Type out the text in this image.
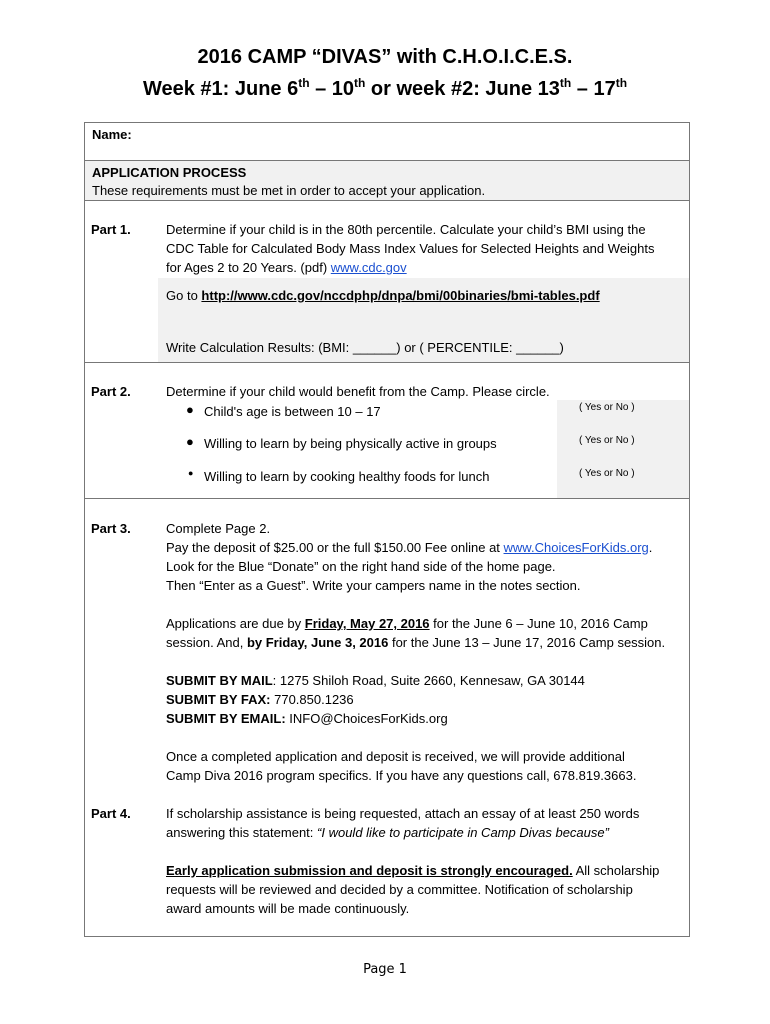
2016 CAMP “DIVAS” with C.H.O.I.C.E.S.
Week #1: June 6th – 10th or week #2: June 13th – 17th
Name:
APPLICATION PROCESS
These requirements must be met in order to accept your application.
Part 1.	Determine if your child is in the 80th percentile. Calculate your child’s BMI using the
CDC Table for Calculated Body Mass Index Values for Selected Heights and Weights
for Ages 2 to 20 Years. (pdf) www.cdc.gov
Go to http://www.cdc.gov/nccdphp/dnpa/bmi/00binaries/bmi-tables.pdf
Write Calculation Results: (BMI: ______) or ( PERCENTILE: ______)
Part 2.	Determine if your child would benefit from the Camp. Please circle.
● Child's age is between 10 – 17	( Yes or No )
● Willing to learn by being physically active in groups	( Yes or No )
● Willing to learn by cooking healthy foods for lunch	( Yes or No )
Part 3.	Complete Page 2.
Pay the deposit of $25.00 or the full $150.00 Fee online at www.ChoicesForKids.org.
Look for the Blue “Donate” on the right hand side of the home page.
Then “Enter as a Guest”. Write your campers name in the notes section.
Applications are due by Friday, May 27, 2016 for the June 6 – June 10, 2016 Camp
session. And, by Friday, June 3, 2016 for the June 13 – June 17, 2016 Camp session.
SUBMIT BY MAIL: 1275 Shiloh Road, Suite 2660, Kennesaw, GA 30144
SUBMIT BY FAX: 770.850.1236
SUBMIT BY EMAIL: INFO@ChoicesForKids.org
Once a completed application and deposit is received, we will provide additional
Camp Diva 2016 program specifics. If you have any questions call, 678.819.3663.
Part 4.	If scholarship assistance is being requested, attach an essay of at least 250 words
answering this statement: “I would like to participate in Camp Divas because”
Early application submission and deposit is strongly encouraged. All scholarship
requests will be reviewed and decided by a committee. Notification of scholarship
award amounts will be made continuously.
Page 1
